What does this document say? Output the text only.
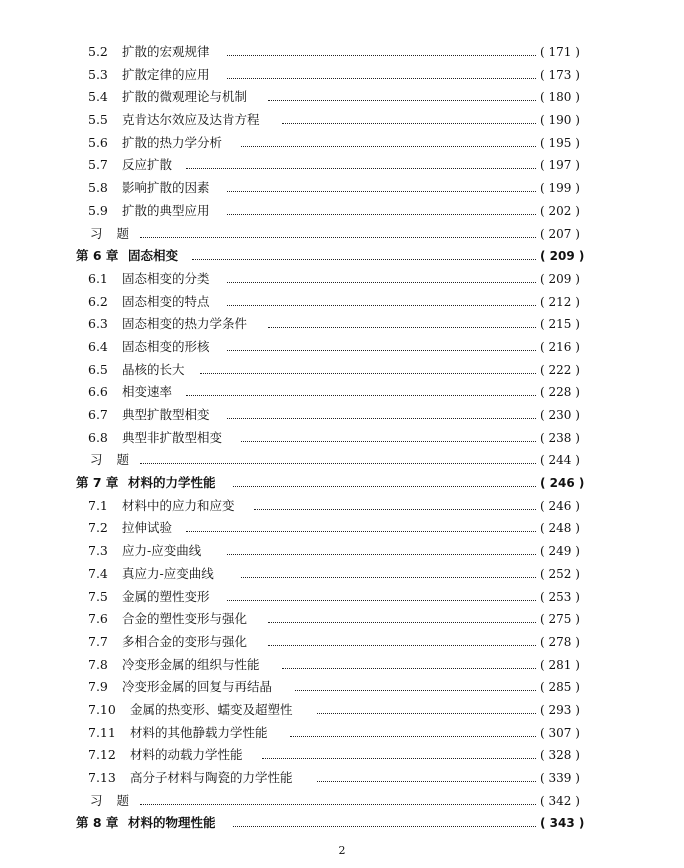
5.2 扩散的宏观规律	( 171 )
5.3 扩散定律的应用	( 173 )
5.4 扩散的微观理论与机制	( 180 )
5.5 克肯达尔效应及达肯方程	( 190 )
5.6 扩散的热力学分析	( 195 )
5.7 反应扩散	( 197 )
5.8 影响扩散的因素	( 199 )
5.9 扩散的典型应用	( 202 )
习题	( 207 )
第 6 章 固态相变	( 209 )
6.1 固态相变的分类	( 209 )
6.2 固态相变的特点	( 212 )
6.3 固态相变的热力学条件	( 215 )
6.4 固态相变的形核	( 216 )
6.5 晶核的长大	( 222 )
6.6 相变速率	( 228 )
6.7 典型扩散型相变	( 230 )
6.8 典型非扩散型相变	( 238 )
习题	( 244 )
第 7 章 材料的力学性能	( 246 )
7.1 材料中的应力和应变	( 246 )
7.2 拉伸试验	( 248 )
7.3 应力-应变曲线	( 249 )
7.4 真应力-应变曲线	( 252 )
7.5 金属的塑性变形	( 253 )
7.6 合金的塑性变形与强化	( 275 )
7.7 多相合金的变形与强化	( 278 )
7.8 冷变形金属的组织与性能	( 281 )
7.9 冷变形金属的回复与再结晶	( 285 )
7.10 金属的热变形、蠕变及超塑性	( 293 )
7.11 材料的其他静载力学性能	( 307 )
7.12 材料的动载力学性能	( 328 )
7.13 高分子材料与陶瓷的力学性能	( 339 )
习题	( 342 )
第 8 章 材料的物理性能	( 343 )
2
